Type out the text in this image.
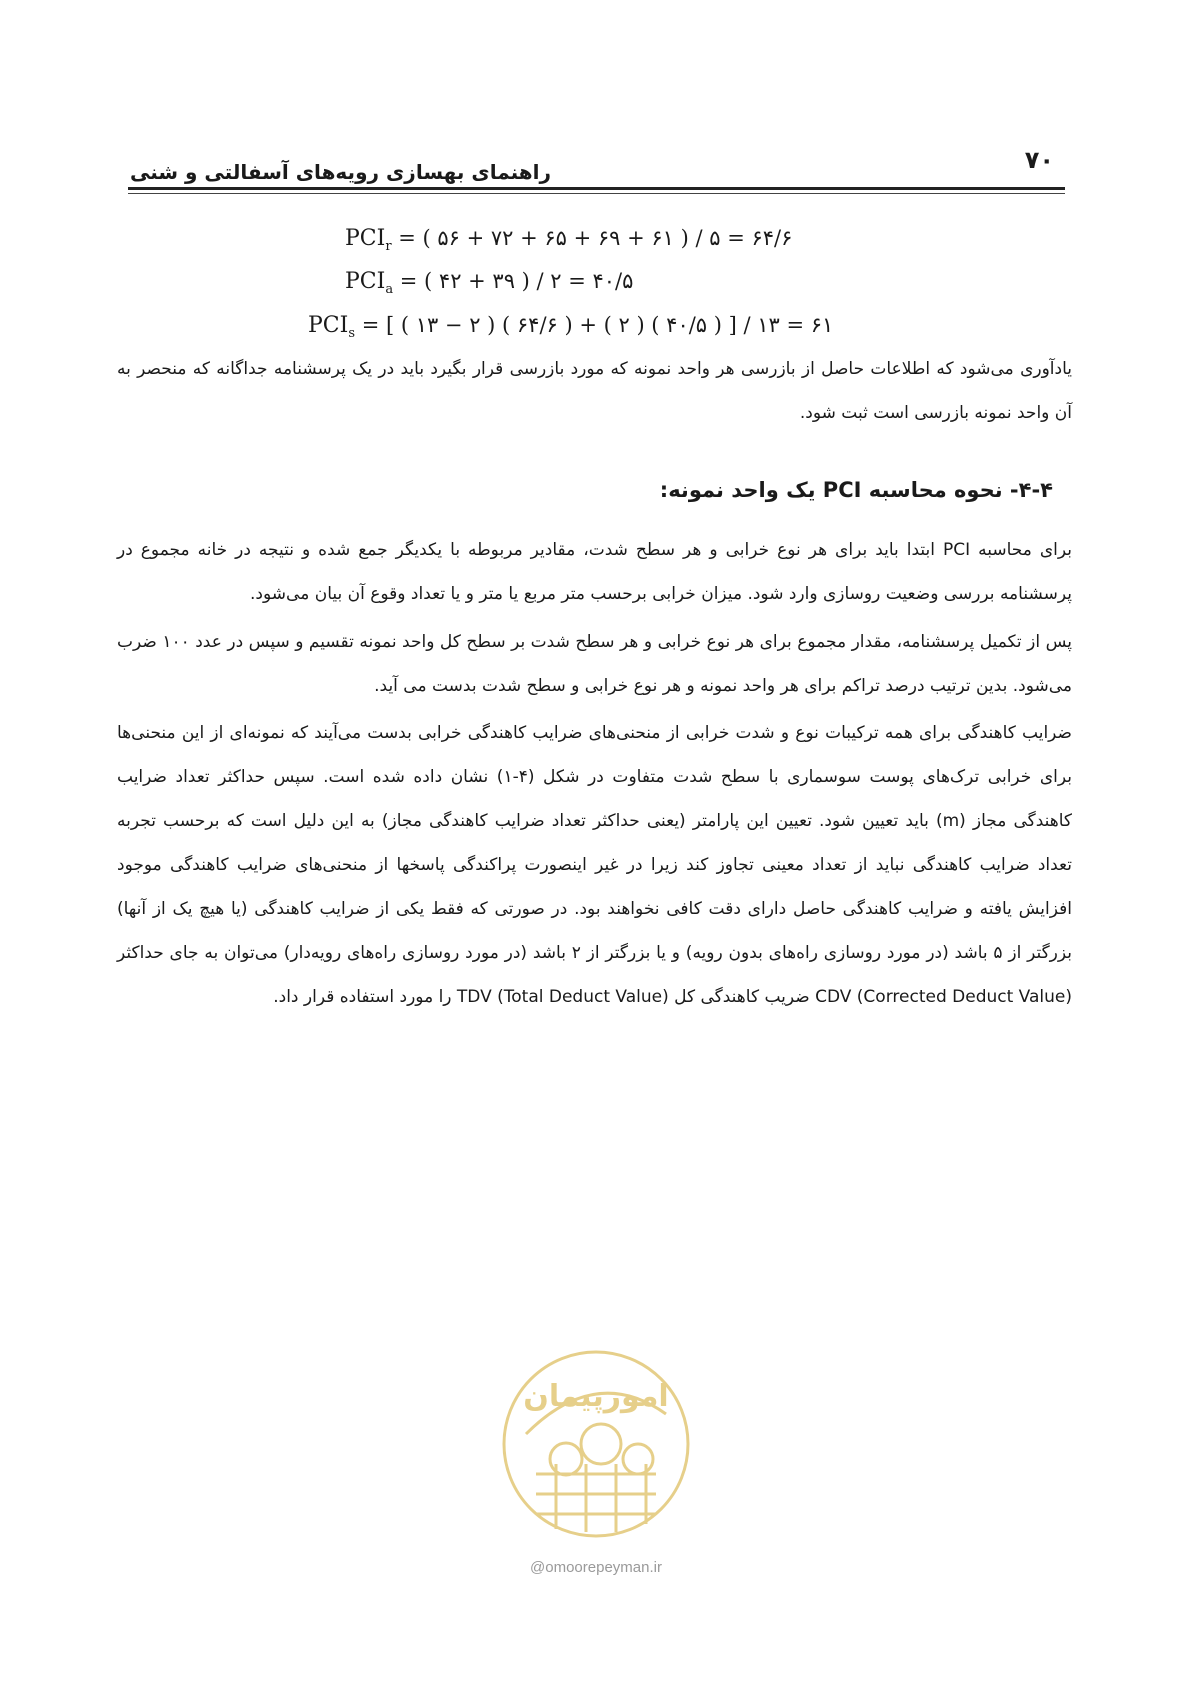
۷۰
راهنمای بهسازی رویه‌های آسفالتی و شنی
$PCI_r$ = ( ۵۶ + ۷۲ + ۶۵ + ۶۹ + ۶۱ ) / ۵ = ۶۴/۶
$PCI_a$ = ( ۴۲ + ۳۹ ) / ۲ = ۴۰/۵
$PCI_s$ = [ ( ۱۳ − ۲ ) ( ۶۴/۶ ) + ( ۲ ) ( ۴۰/۵ ) ] / ۱۳ = ۶۱
یادآوری می‌شود که اطلاعات حاصل از بازرسی هر واحد نمونه که مورد بازرسی قرار بگیرد باید در یک پرسشنامه جداگانه که منحصر به آن واحد نمونه بازرسی است ثبت شود.
۴-۴- نحوه محاسبه PCI یک واحد نمونه:
برای محاسبه PCI ابتدا باید برای هر نوع خرابی و هر سطح شدت، مقادیر مربوطه با یکدیگر جمع شده و نتیجه در خانه مجموع در پرسشنامه بررسی وضعیت روسازی وارد شود. میزان خرابی برحسب متر مربع یا متر و یا تعداد وقوع آن بیان می‌شود.
پس از تکمیل پرسشنامه، مقدار مجموع برای هر نوع خرابی و هر سطح شدت بر سطح کل واحد نمونه تقسیم و سپس در عدد ۱۰۰ ضرب می‌شود. بدین ترتیب درصد تراکم برای هر واحد نمونه و هر نوع خرابی و سطح شدت بدست می آید.
ضرایب کاهندگی برای همه ترکیبات نوع و شدت خرابی از منحنی‌های ضرایب کاهندگی خرابی بدست می‌آیند که نمونه‌ای از این منحنی‌ها برای خرابی ترک‌های پوست سوسماری با سطح شدت متفاوت در شکل (۴-۱) نشان داده شده است. سپس حداکثر تعداد ضرایب کاهندگی مجاز (m) باید تعیین شود. تعیین این پارامتر (یعنی حداکثر تعداد ضرایب کاهندگی مجاز) به این دلیل است که برحسب تجربه تعداد ضرایب کاهندگی نباید از تعداد معینی تجاوز کند زیرا در غیر اینصورت پراکندگی پاسخها از منحنی‌های ضرایب کاهندگی موجود افزایش یافته و ضرایب کاهندگی حاصل دارای دقت کافی نخواهند بود. در صورتی که فقط یکی از ضرایب کاهندگی (یا هیچ یک از آنها) بزرگتر از ۵ باشد (در مورد روسازی راه‌های بدون رویه) و یا بزرگتر از ۲ باشد (در مورد روسازی راه‌های رویه‌دار) می‌توان به جای حداکثر CDV (Corrected Deduct Value) ضریب کاهندگی کل TDV (Total Deduct Value) را مورد استفاده قرار داد.
امورپیمان
@omoorepeyman.ir
